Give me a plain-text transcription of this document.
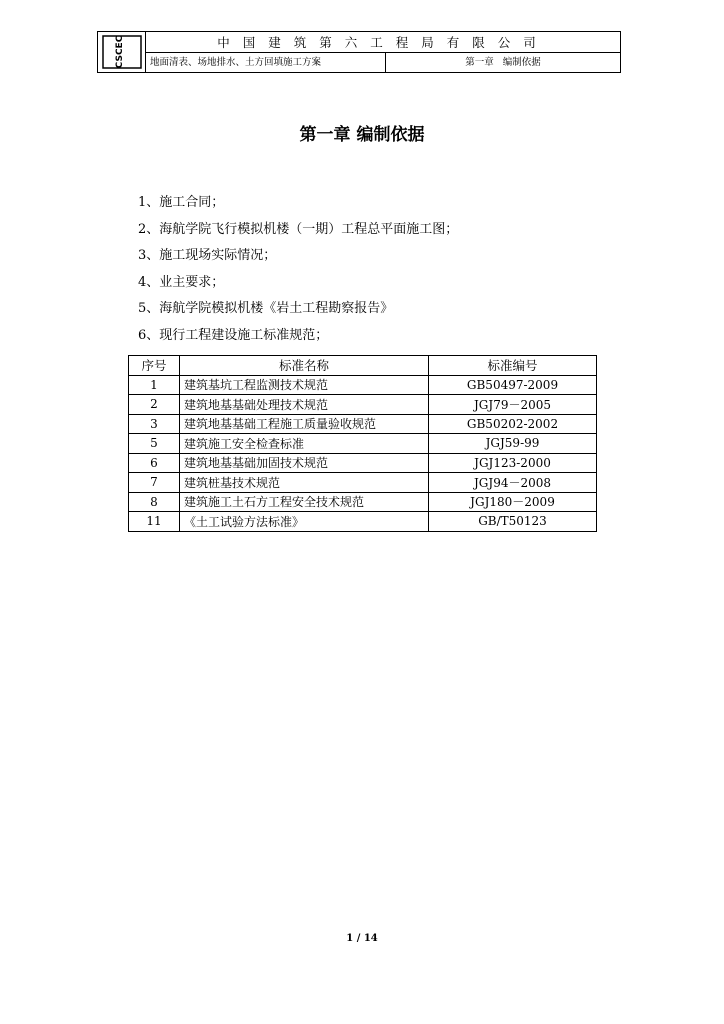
CSCEC	中国建筑第六工程局有限公司
地面清表、场地排水、土方回填施工方案	第一章 编制依据
第一章 编制依据
1、施工合同；
2、海航学院飞行模拟机楼（一期）工程总平面施工图；
3、施工现场实际情况；
4、业主要求；
5、海航学院模拟机楼《岩土工程勘察报告》
6、现行工程建设施工标准规范；
序号	标准名称	标准编号
1	建筑基坑工程监测技术规范	GB50497-2009
2	建筑地基基础处理技术规范	JGJ79－2005
3	建筑地基基础工程施工质量验收规范	GB50202-2002
5	建筑施工安全检查标准	JGJ59-99
6	建筑地基基础加固技术规范	JGJ123-2000
7	建筑桩基技术规范	JGJ94－2008
8	建筑施工土石方工程安全技术规范	JGJ180－2009
11	《土工试验方法标准》	GB/T50123
1 / 14
